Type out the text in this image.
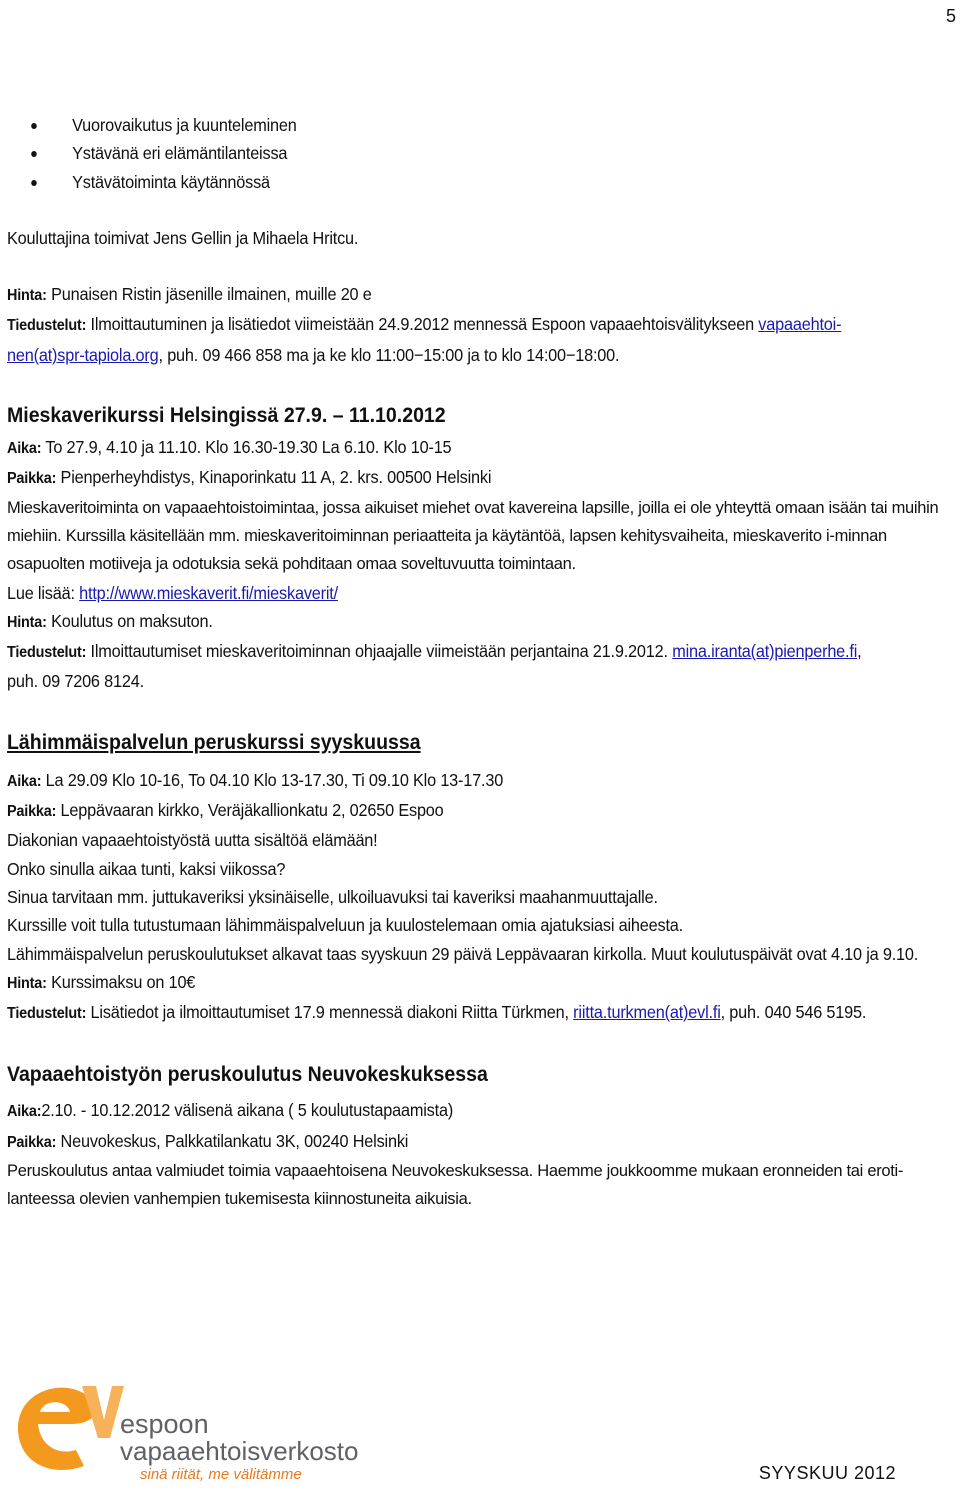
5
Vuorovaikutus ja kuunteleminen
Ystävänä eri elämäntilanteissa
Ystävätoiminta käytännössä
Kouluttajina toimivat Jens Gellin ja Mihaela Hritcu.
Hinta: Punaisen Ristin jäsenille ilmainen, muille 20 e
Tiedustelut: Ilmoittautuminen ja lisätiedot viimeistään 24.9.2012 mennessä Espoon vapaaehtoisvälitykseen vapaaehtoi-
nen(at)spr-tapiola.org, puh. 09 466 858 ma ja ke klo 11:00−15:00 ja to klo 14:00−18:00.
Mieskaverikurssi Helsingissä 27.9. – 11.10.2012
Aika: To 27.9, 4.10 ja 11.10. Klo 16.30-19.30 La 6.10. Klo 10-15
Paikka: Pienperheyhdistys, Kinaporinkatu 11 A, 2. krs. 00500 Helsinki
Mieskaveritoiminta on vapaaehtoistoimintaa, jossa aikuiset miehet ovat kavereina lapsille, joilla ei ole yhteyttä omaan isään tai muihin miehiin. Kurssilla käsitellään mm. mieskaveritoiminnan periaatteita ja käytäntöä, lapsen kehitysvaiheita, mieskaverito i-minnan osapuolten motiiveja ja odotuksia sekä pohditaan omaa soveltuvuutta toimintaan.
Lue lisää: http://www.mieskaverit.fi/mieskaverit/
Hinta: Koulutus on maksuton.
Tiedustelut: Ilmoittautumiset mieskaveritoiminnan ohjaajalle viimeistään perjantaina 21.9.2012. mina.iranta(at)pienperhe.fi,
puh. 09 7206 8124.
Lähimmäispalvelun peruskurssi syyskuussa
Aika: La 29.09 Klo 10-16, To 04.10 Klo 13-17.30, Ti 09.10 Klo 13-17.30
Paikka: Leppävaaran kirkko, Veräjäkallionkatu 2, 02650 Espoo
Diakonian vapaaehtoistyöstä uutta sisältöä elämään!
Onko sinulla aikaa tunti, kaksi viikossa?
Sinua tarvitaan mm. juttukaveriksi yksinäiselle, ulkoiluavuksi tai kaveriksi maahanmuuttajalle.
Kurssille voit tulla tutustumaan lähimmäispalveluun ja kuulostelemaan omia ajatuksiasi aiheesta.
Lähimmäispalvelun peruskoulutukset alkavat taas syyskuun 29 päivä Leppävaaran kirkolla. Muut koulutuspäivät ovat 4.10 ja 9.10.
Hinta: Kurssimaksu on 10€
Tiedustelut: Lisätiedot ja ilmoittautumiset 17.9 mennessä diakoni Riitta Türkmen, riitta.turkmen(at)evl.fi, puh. 040 546 5195.
Vapaaehtoistyön peruskoulutus Neuvokeskuksessa
Aika:2.10. - 10.12.2012 välisenä aikana ( 5 koulutustapaamista)
Paikka: Neuvokeskus, Palkkatilankatu 3K, 00240 Helsinki
Peruskoulutus antaa valmiudet toimia vapaaehtoisena Neuvokeskuksessa. Haemme joukkoomme mukaan eronneiden tai eroti-lanteessa olevien vanhempien tukemisesta kiinnostuneita aikuisia.
espoon
vapaaehtoisverkosto
sinä riität, me välitämme	SYYSKUU 2012
